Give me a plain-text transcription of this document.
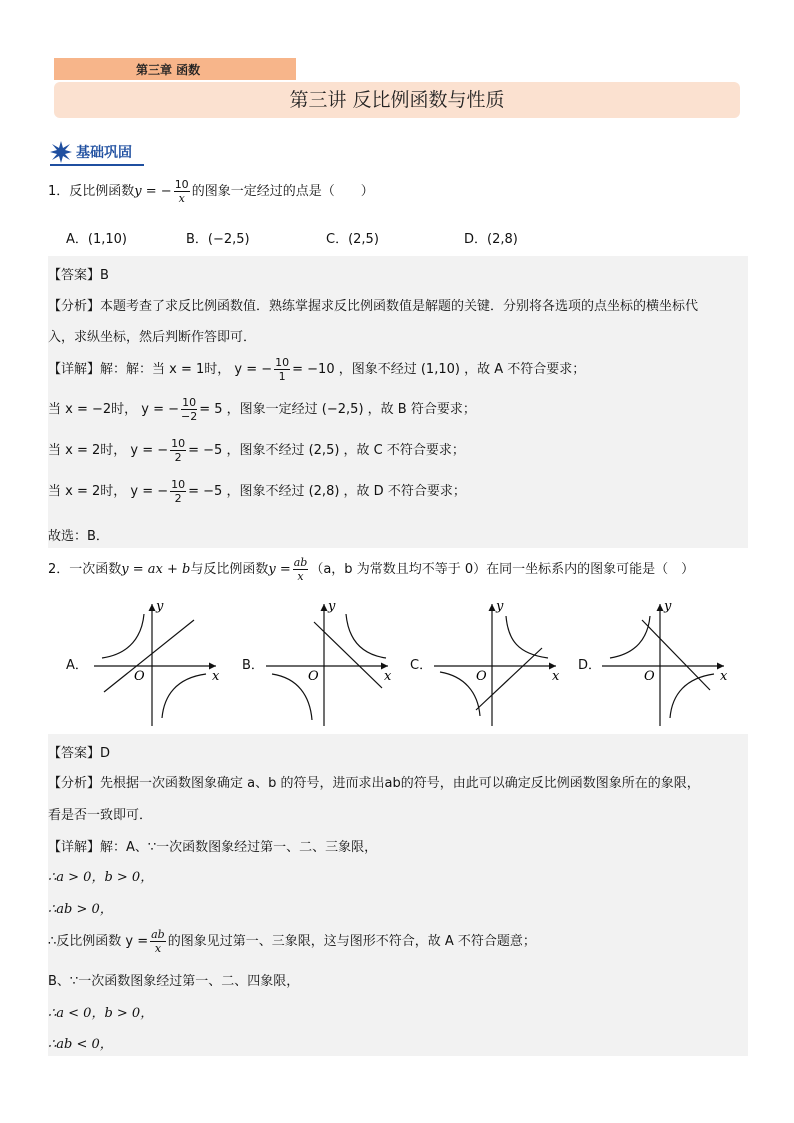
第三章 函数
第三讲 反比例函数与性质
基础巩固
1．反比例函数y = − $\frac{10}{x}$ 的图象一定经过的点是（　　）
A．(1,10)	B．(−2,5)	C．(2,5)	D．(2,8)
【答案】B
【分析】本题考查了求反比例函数值．熟练掌握求反比例函数值是解题的关键．分别将各选项的点坐标的横坐标代
入，求纵坐标，然后判断作答即可．
【详解】解：解：当 x = 1时， y = − $\frac{10}{1} = -10$ ，图象不经过 (1,10) ，故 A 不符合要求；
当 x = −2时， y = − $\frac{10}{-2} = 5$ ，图象一定经过 (−2,5) ，故 B 符合要求；
当 x = 2时， y = − $\frac{10}{2} = -5$ ，图象不经过 (2,5) ，故 C 不符合要求；
当 x = 2时， y = − $\frac{10}{2} = -5$ ，图象不经过 (2,8) ，故 D 不符合要求；
故选：B．
2．一次函数y = ax + b与反比例函数$y = \frac{ab}{x} (a$，b 为常数且均不等于 0）在同一坐标系内的图象可能是（　）
A．	B．	C．	D．
y
x
O
y
x
O
y
x
O
y
x
O
【答案】D
【分析】先根据一次函数图象确定 a、b 的符号，进而求出ab的符号，由此可以确定反比例函数图象所在的象限，
看是否一致即可．
【详解】解：A、∵一次函数图象经过第一、二、三象限，
∴a > 0，b > 0，
∴ab > 0，
∴反比例函数 $y = \frac{ab}{x}$ 的图象见过第一、三象限，这与图形不符合，故 A 不符合题意；
B、∵一次函数图象经过第一、二、四象限，
∴a < 0，b > 0，
∴ab < 0，
